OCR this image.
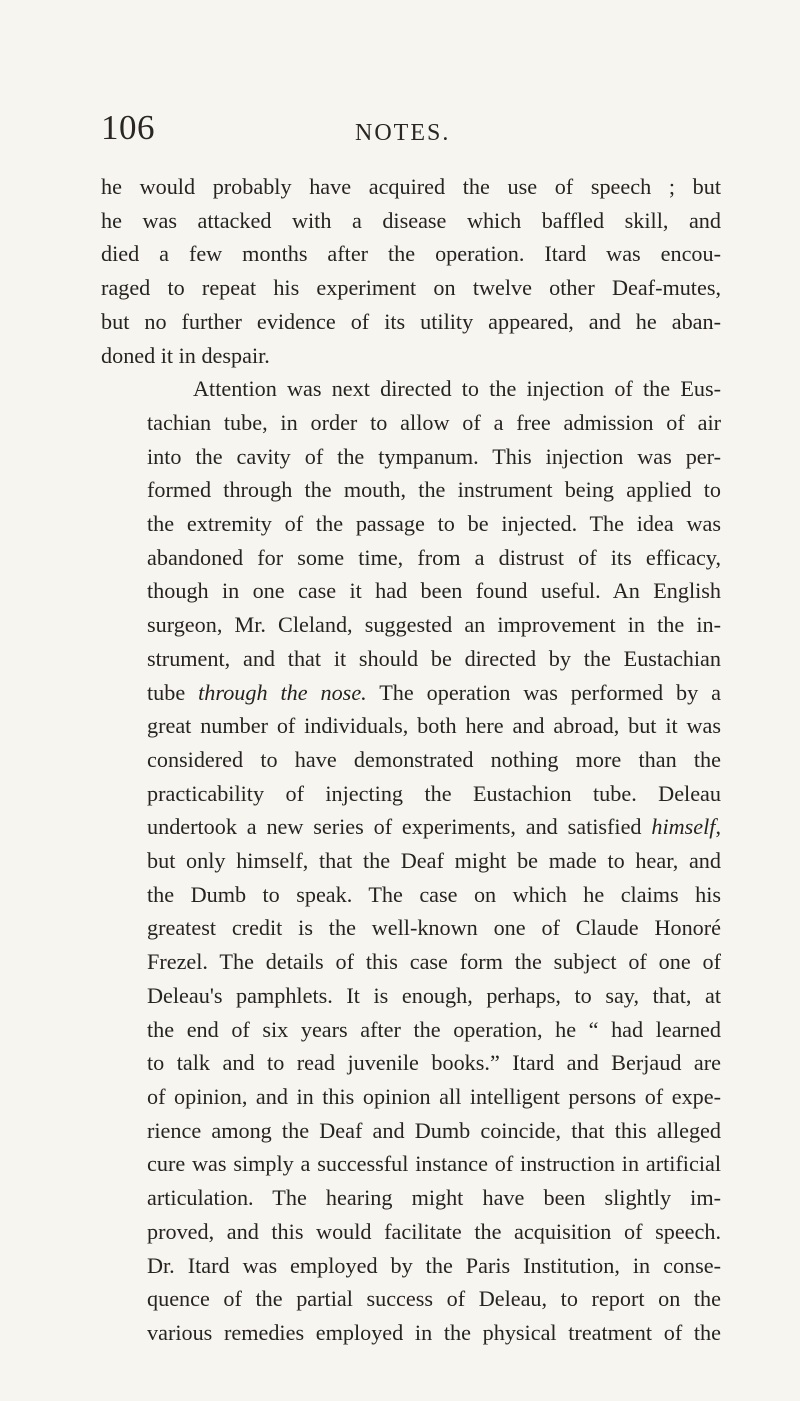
106	NOTES.

he would probably have acquired the use of speech ; but
he was attacked with a disease which baffled skill, and
died a few months after the operation. Itard was encou-
raged to repeat his experiment on twelve other Deaf-mutes,
but no further evidence of its utility appeared, and he aban-
doned it in despair.

Attention was next directed to the injection of the Eus-
tachian tube, in order to allow of a free admission of air
into the cavity of the tympanum. This injection was per-
formed through the mouth, the instrument being applied to
the extremity of the passage to be injected. The idea was
abandoned for some time, from a distrust of its efficacy,
though in one case it had been found useful. An English
surgeon, Mr. Cleland, suggested an improvement in the in-
strument, and that it should be directed by the Eustachian
tube through the nose. The operation was performed by a
great number of individuals, both here and abroad, but it was
considered to have demonstrated nothing more than the
practicability of injecting the Eustachion tube. Deleau
undertook a new series of experiments, and satisfied himself,
but only himself, that the Deaf might be made to hear, and
the Dumb to speak. The case on which he claims his
greatest credit is the well-known one of Claude Honoré
Frezel. The details of this case form the subject of one of
Deleau's pamphlets. It is enough, perhaps, to say, that, at
the end of six years after the operation, he “ had learned
to talk and to read juvenile books.” Itard and Berjaud are
of opinion, and in this opinion all intelligent persons of expe-
rience among the Deaf and Dumb coincide, that this alleged
cure was simply a successful instance of instruction in artificial
articulation. The hearing might have been slightly im-
proved, and this would facilitate the acquisition of speech.
Dr. Itard was employed by the Paris Institution, in conse-
quence of the partial success of Deleau, to report on the
various remedies employed in the physical treatment of the
